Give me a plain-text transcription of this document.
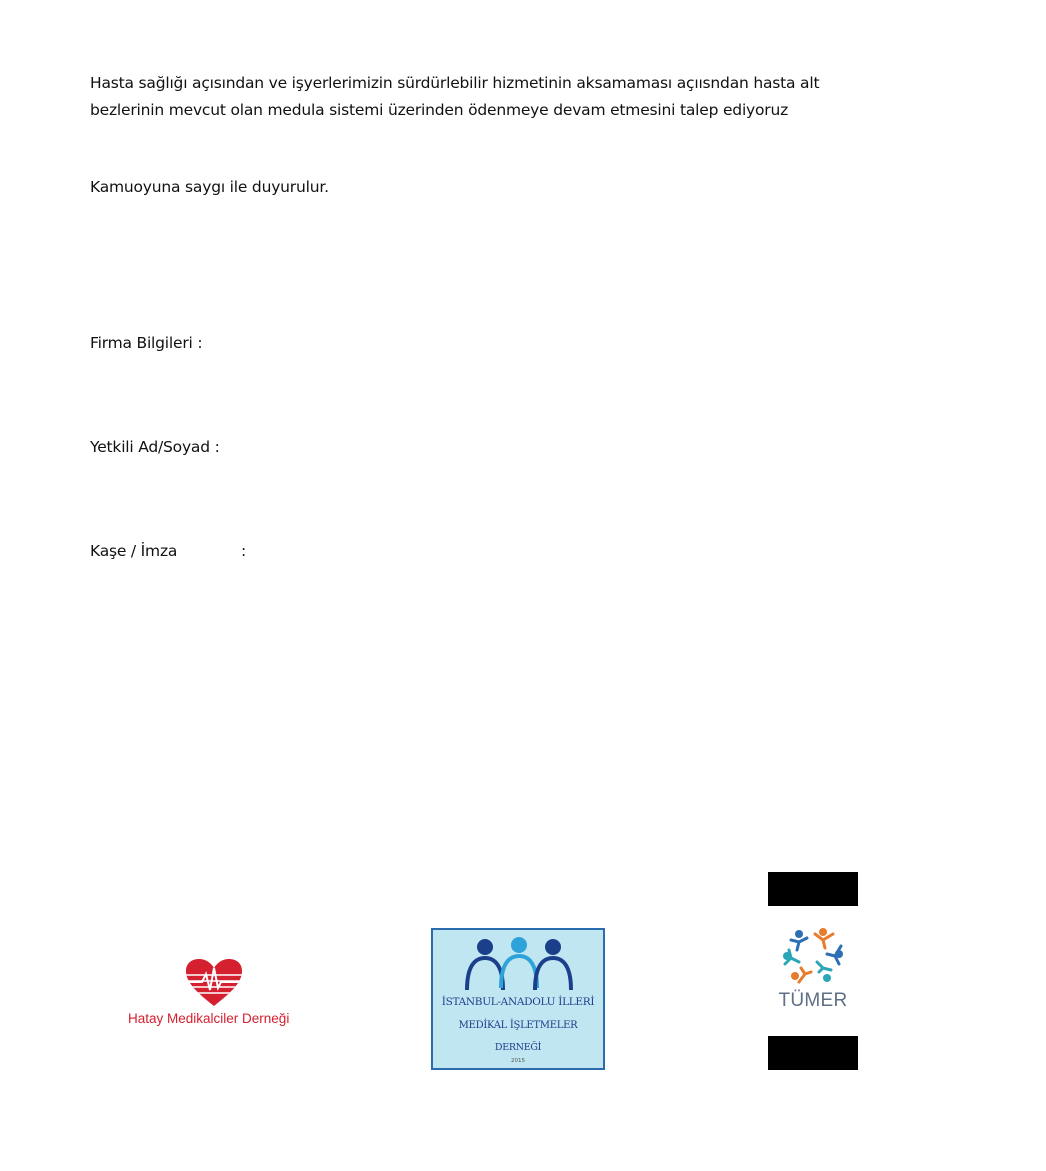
Hasta sağlığı açısından ve işyerlerimizin sürdürlebilir hizmetinin aksamaması açıısndan hasta alt
bezlerinin mevcut olan medula sistemi üzerinden ödenmeye devam etmesini talep ediyoruz
Kamuoyuna saygı ile duyurulur.
Firma Bilgileri :
Yetkili Ad/Soyad :
Kaşe / İmza	:
Hatay Medikalciler Derneği
İSTANBUL-ANADOLU İLLERİ
MEDİKAL İŞLETMELER
DERNEĞİ
2015
TÜMER
